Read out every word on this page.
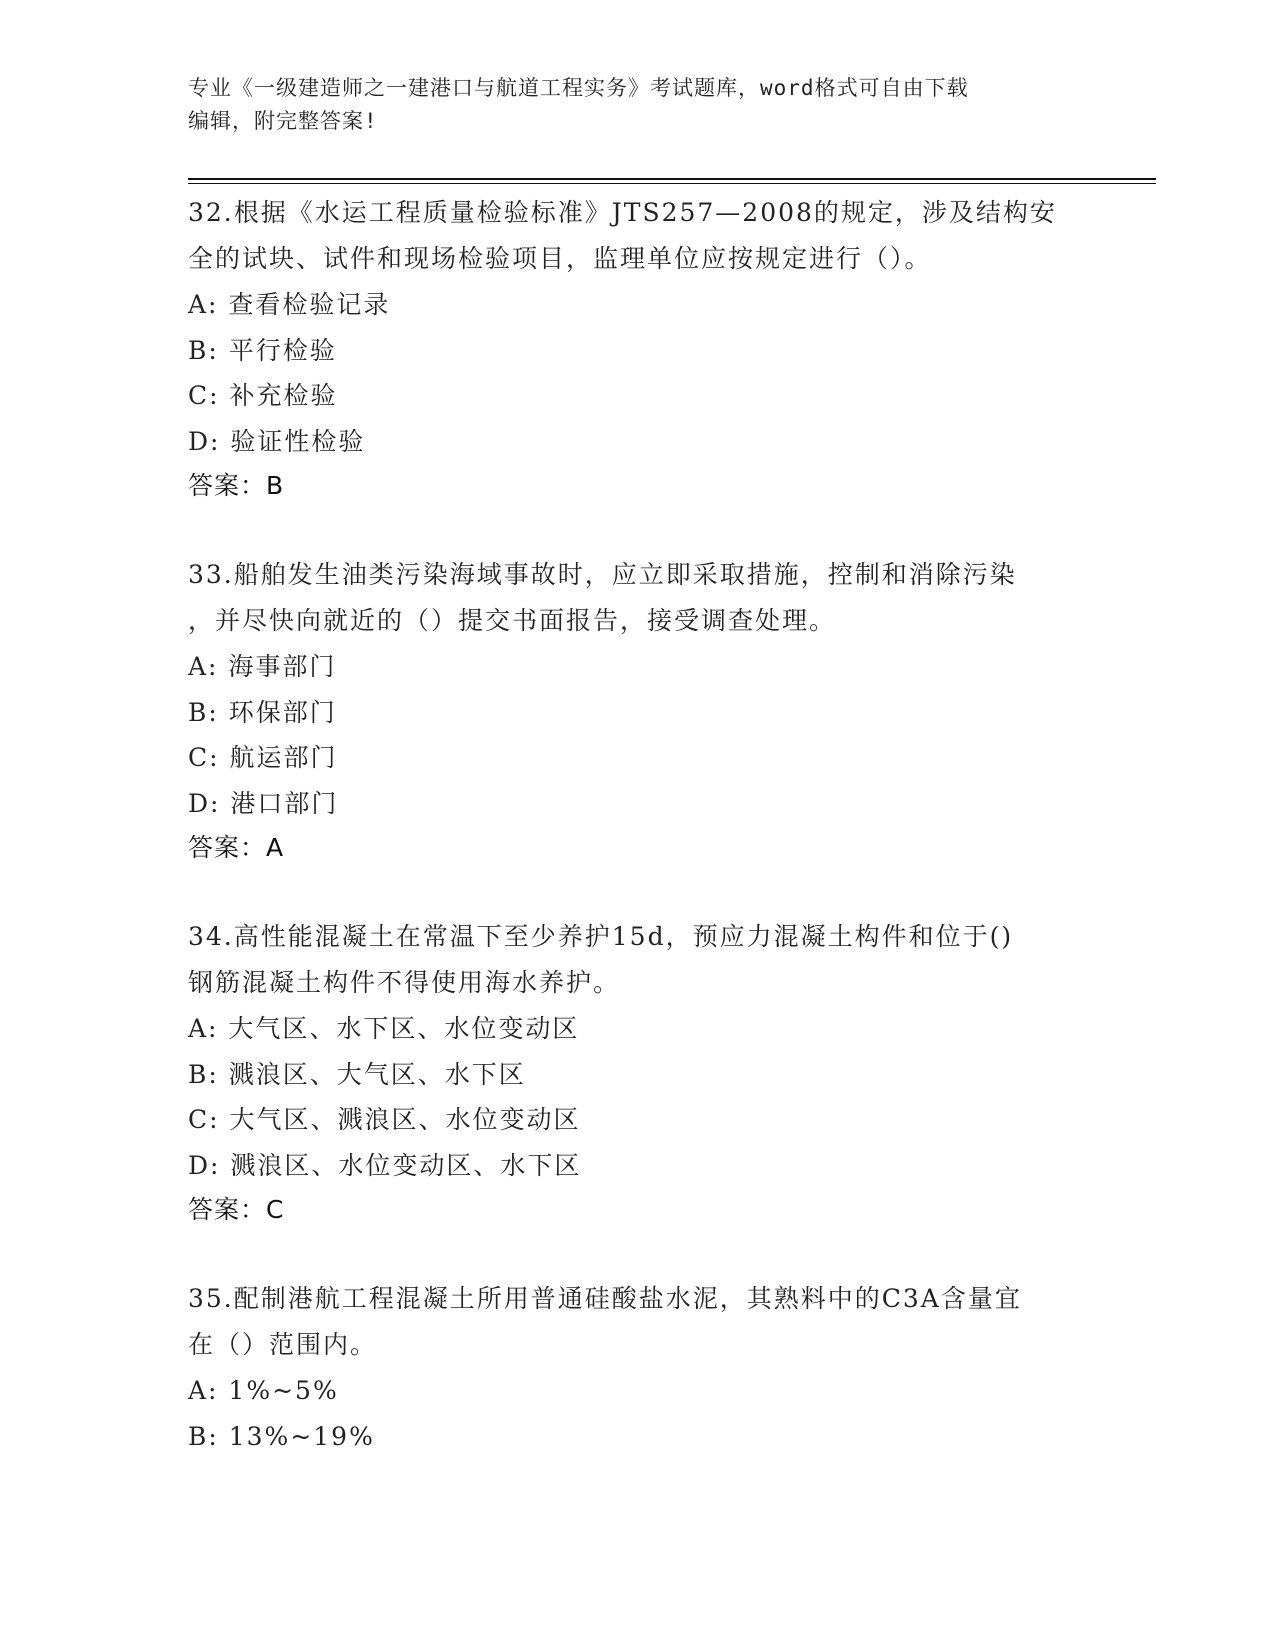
专业《一级建造师之一建港口与航道工程实务》考试题库，word格式可自由下载
编辑，附完整答案!

32.根据《水运工程质量检验标准》JTS257—2008的规定，涉及结构安

全的试块、试件和现场检验项目，监理单位应按规定进行（）。

A: 查看检验记录
B: 平行检验
C: 补充检验
D: 验证性检验

答案：B

33.船舶发生油类污染海域事故时，应立即采取措施，控制和消除污染

，并尽快向就近的（）提交书面报告，接受调查处理。

A: 海事部门
B: 环保部门
C: 航运部门
D: 港口部门

答案：A

34.高性能混凝土在常温下至少养护15d，预应力混凝土构件和位于()

钢筋混凝土构件不得使用海水养护。

A: 大气区、水下区、水位变动区
B: 溅浪区、大气区、水下区
C: 大气区、溅浪区、水位变动区
D: 溅浪区、水位变动区、水下区

答案：C

35.配制港航工程混凝土所用普通硅酸盐水泥，其熟料中的C3A含量宜

在（）范围内。

A: 1%~5%
B: 13%~19%
